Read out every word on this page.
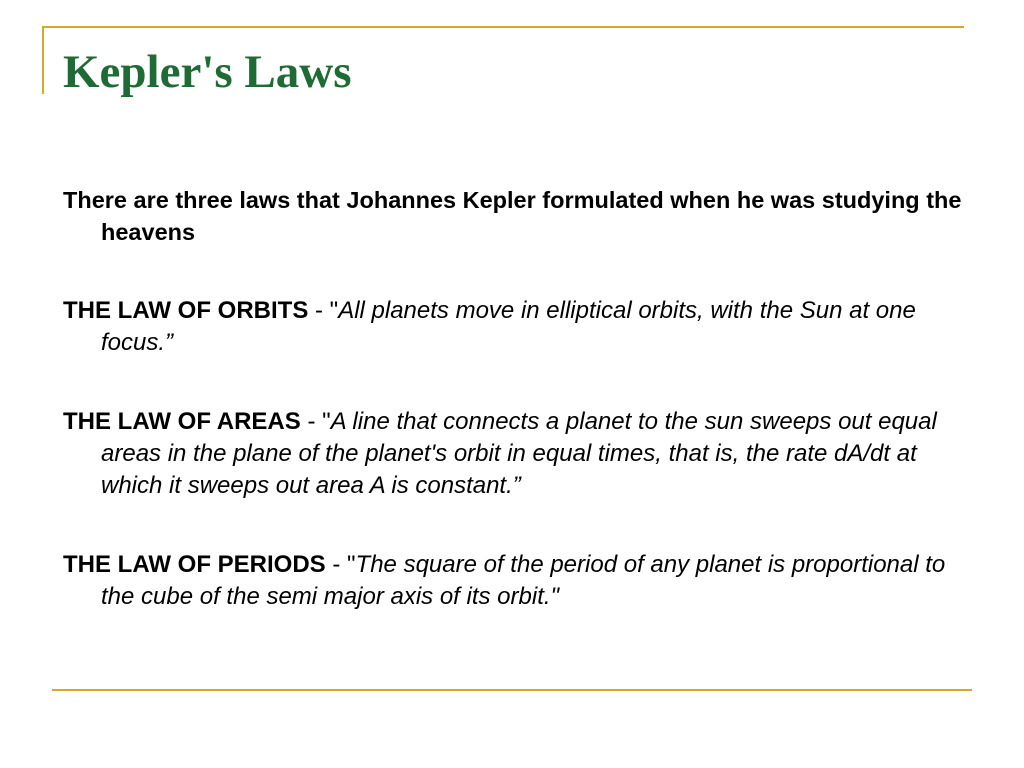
Kepler's Laws
There are three laws that Johannes Kepler formulated when he was studying the heavens
THE LAW OF ORBITS - "All planets move in elliptical orbits, with the Sun at one focus.”
THE LAW OF AREAS - "A line that connects a planet to the sun sweeps out equal areas in the plane of the planet's orbit in equal times, that is, the rate dA/dt at which it sweeps out area A is constant.”
THE LAW OF PERIODS - "The square of the period of any planet is proportional to the cube of the semi major axis of its orbit."
